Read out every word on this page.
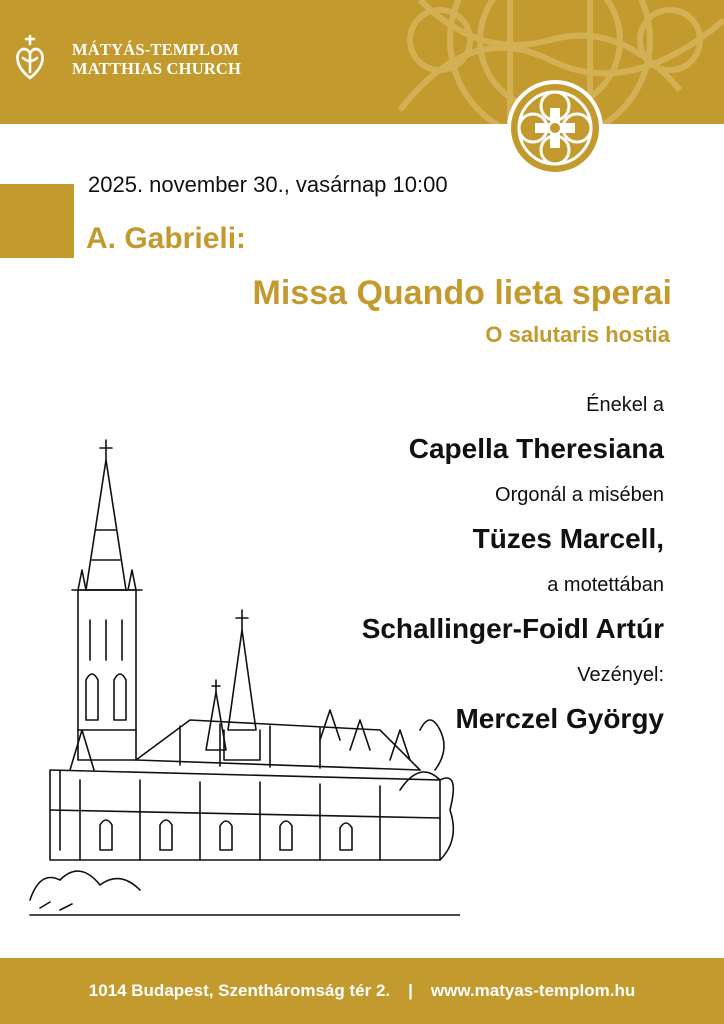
MÁTYÁS-TEMPLOM
MATTHIAS CHURCH
2025. november 30., vasárnap 10:00
A. Gabrieli:
Missa Quando lieta sperai
O salutaris hostia
Énekel a
Capella Theresiana
Orgonál a misében
Tüzes Marcell,
a motettában
Schallinger-Foidl Artúr
Vezényel:
Merczel György
1014 Budapest, Szentháromság tér 2. | www.matyas-templom.hu
